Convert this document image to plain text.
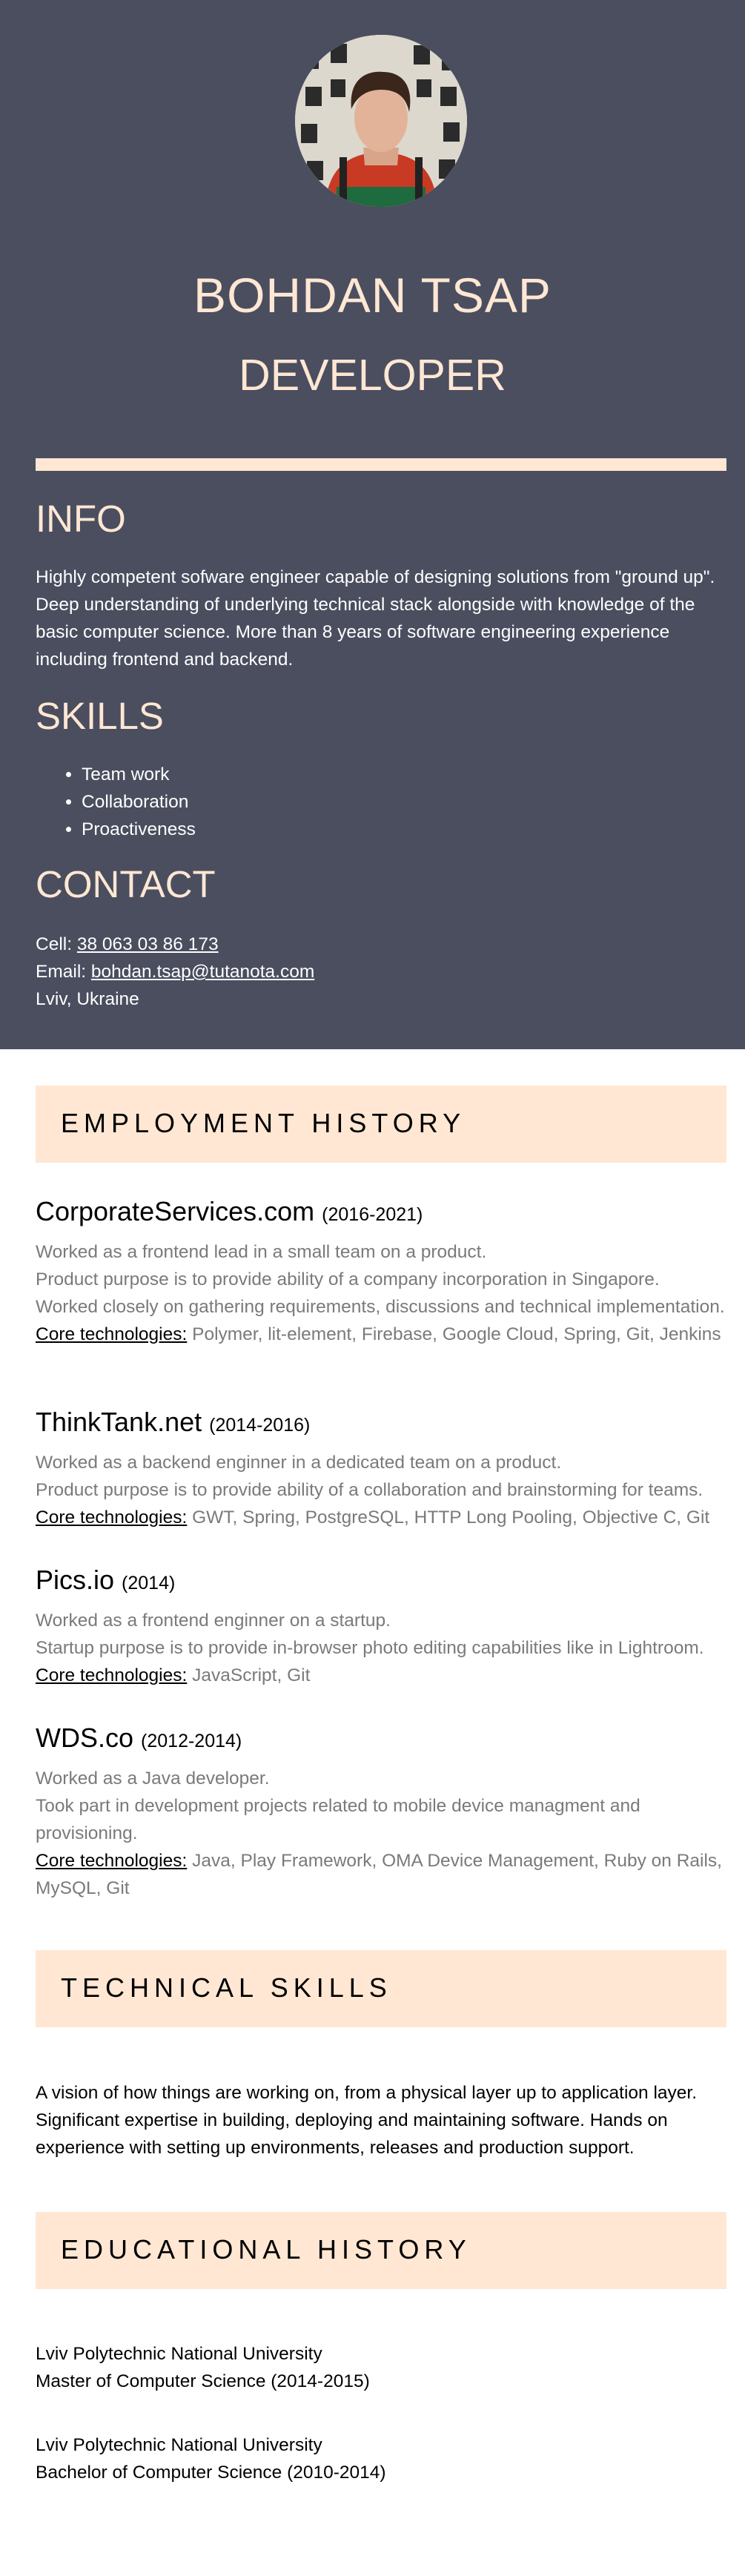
BOHDAN TSAP
DEVELOPER
INFO

Highly competent sofware engineer capable of designing solutions from "ground up". Deep understanding of underlying technical stack alongside with knowledge of the basic computer science. More than 8 years of software engineering experience including frontend and backend.

SKILLS
• Team work
• Collaboration
• Proactiveness
CONTACT
Cell: 38 063 03 86 173
Email: bohdan.tsap@tutanota.com
Lviv, Ukraine
EMPLOYMENT HISTORY
CorporateServices.com (2016-2021)
Worked as a frontend lead in a small team on a product.
Product purpose is to provide ability of a company incorporation in Singapore.
Worked closely on gathering requirements, discussions and technical implementation.
Core technologies: Polymer, lit-element, Firebase, Google Cloud, Spring, Git, Jenkins
ThinkTank.net (2014-2016)
Worked as a backend enginner in a dedicated team on a product.
Product purpose is to provide ability of a collaboration and brainstorming for teams.
Core technologies: GWT, Spring, PostgreSQL, HTTP Long Pooling, Objective C, Git
Pics.io (2014)
Worked as a frontend enginner on a startup.
Startup purpose is to provide in-browser photo editing capabilities like in Lightroom.
Core technologies: JavaScript, Git
WDS.co (2012-2014)
Worked as a Java developer.
Took part in development projects related to mobile device managment and provisioning.
Core technologies: Java, Play Framework, OMA Device Management, Ruby on Rails, MySQL, Git
TECHNICAL SKILLS

A vision of how things are working on, from a physical layer up to application layer. Significant expertise in building, deploying and maintaining software. Hands on experience with setting up environments, releases and production support.

EDUCATIONAL HISTORY
Lviv Polytechnic National University
Master of Computer Science (2014-2015)
Lviv Polytechnic National University
Bachelor of Computer Science (2010-2014)
